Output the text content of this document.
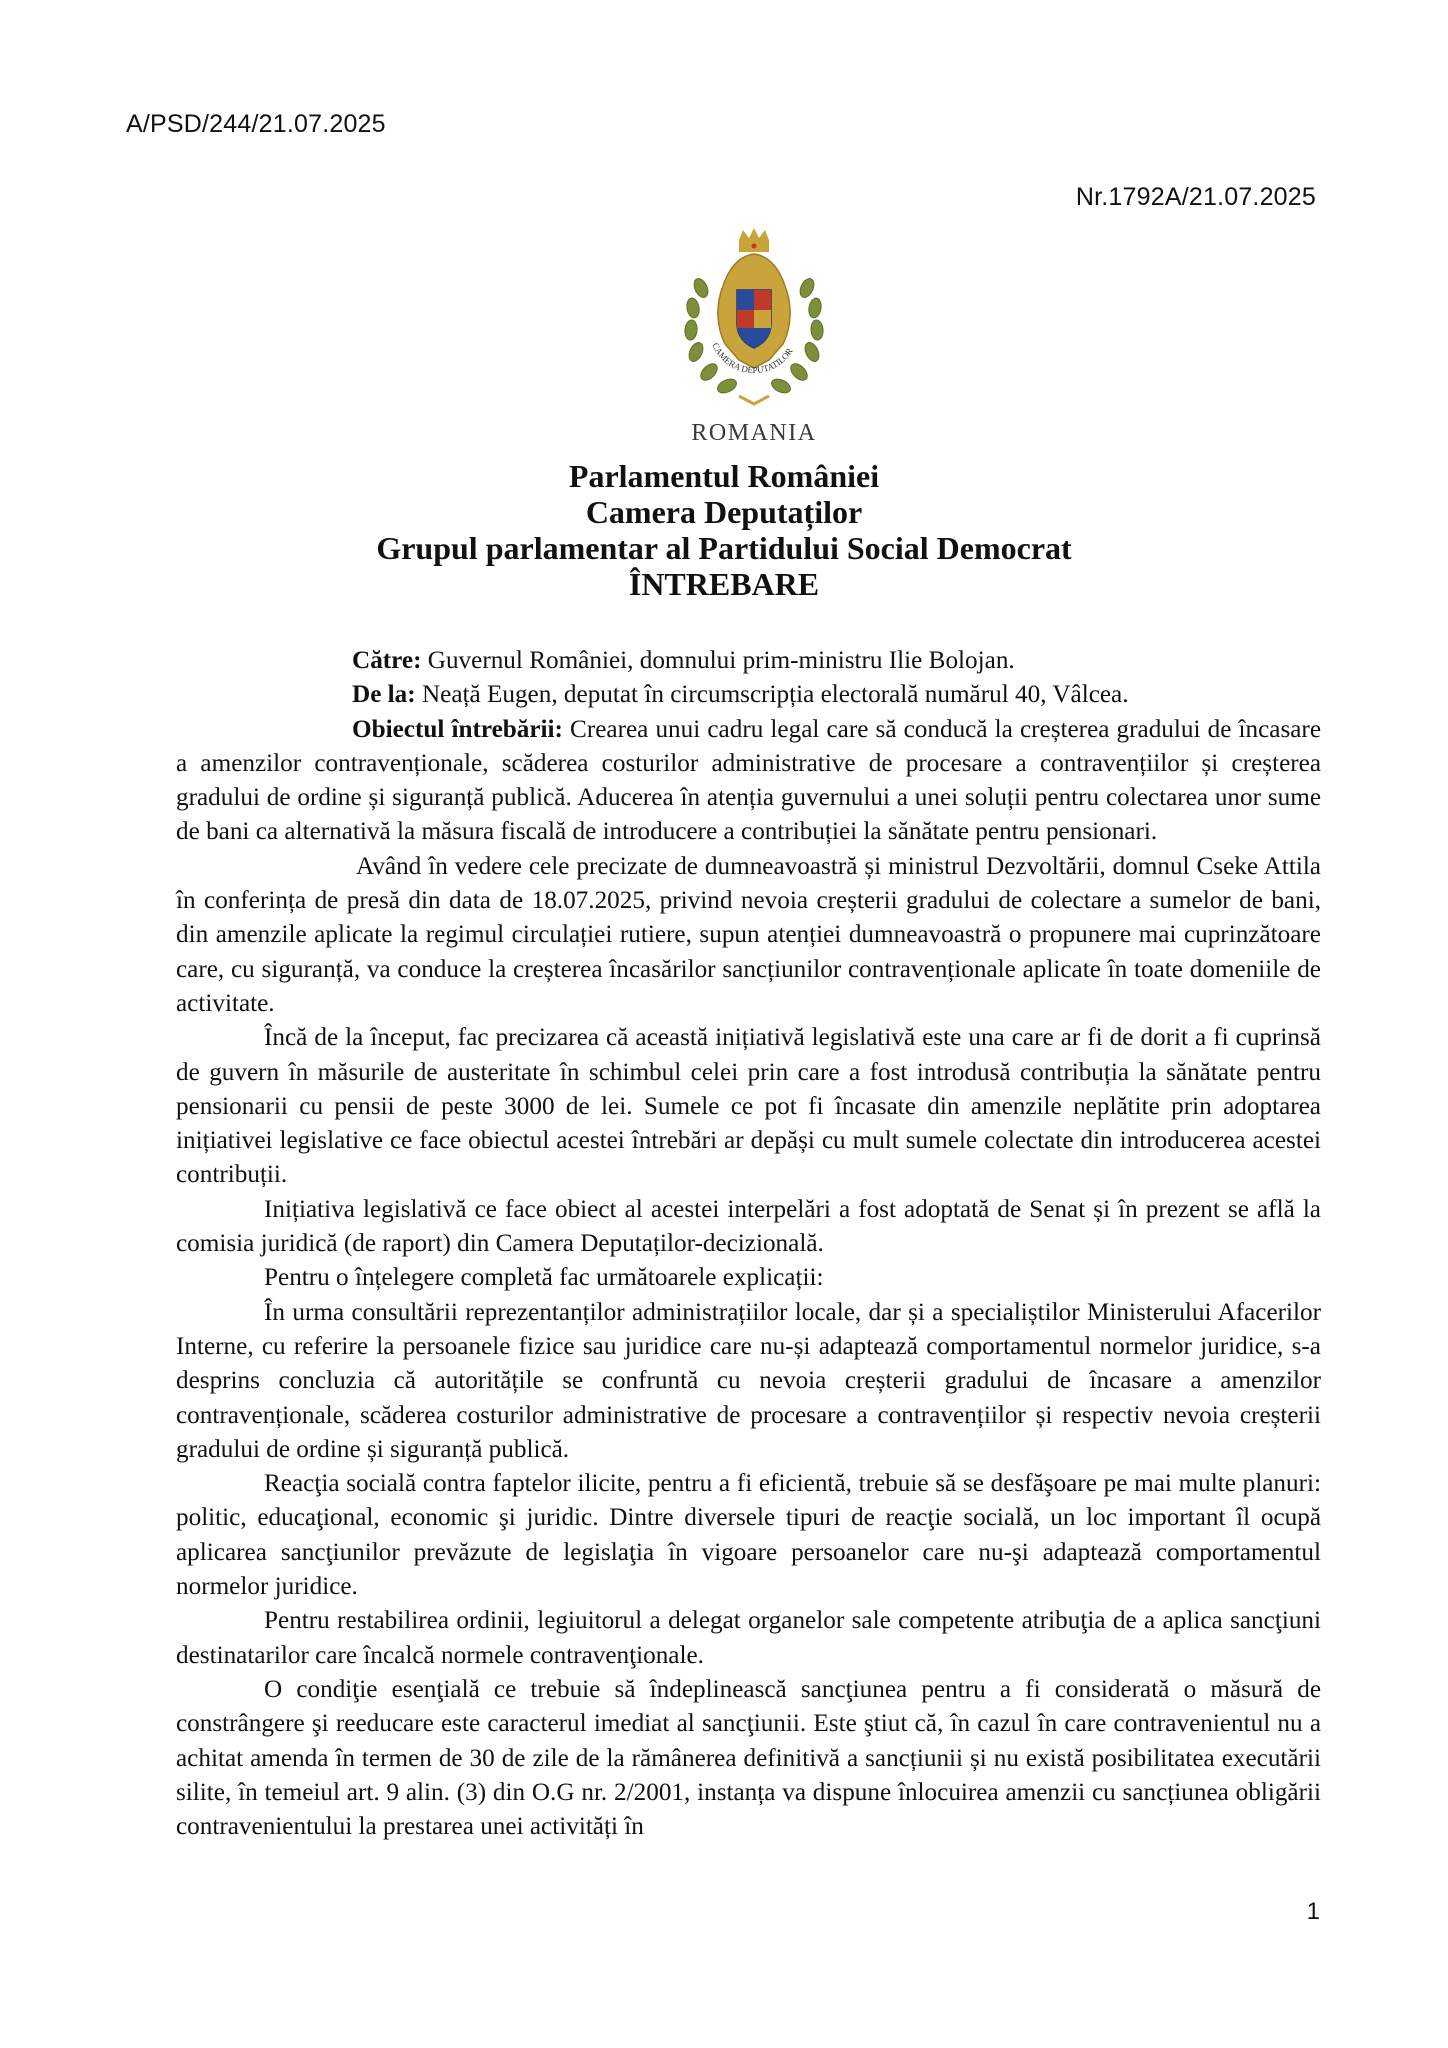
A/PSD/244/21.07.2025
Nr.1792A/21.07.2025
CAMERA DEPUTATILOR
ROMANIA
Parlamentul României
Camera Deputaților
Grupul parlamentar al Partidului Social Democrat
ÎNTREBARE

Către: Guvernul României, domnului prim-ministru Ilie Bolojan.

De la: Neață Eugen, deputat în circumscripția electorală numărul 40, Vâlcea.

Obiectul întrebării: Crearea unui cadru legal care să conducă la creșterea gradului de încasare a amenzilor contravenționale, scăderea costurilor administrative de procesare a contravențiilor și creșterea gradului de ordine și siguranță publică. Aducerea în atenția guvernului a unei soluții pentru colectarea unor sume de bani ca alternativă la măsura fiscală de introducere a contribuției la sănătate pentru pensionari.

Având în vedere cele precizate de dumneavoastră și ministrul Dezvoltării, domnul Cseke Attila în conferința de presă din data de 18.07.2025, privind nevoia creșterii gradului de colectare a sumelor de bani, din amenzile aplicate la regimul circulației rutiere, supun atenției dumneavoastră o propunere mai cuprinzătoare care, cu siguranță, va conduce la creșterea încasărilor sancțiunilor contravenționale aplicate în toate domeniile de activitate.

Încă de la început, fac precizarea că această inițiativă legislativă este una care ar fi de dorit a fi cuprinsă de guvern în măsurile de austeritate în schimbul celei prin care a fost introdusă contribuția la sănătate pentru pensionarii cu pensii de peste 3000 de lei. Sumele ce pot fi încasate din amenzile neplătite prin adoptarea inițiativei legislative ce face obiectul acestei întrebări ar depăși cu mult sumele colectate din introducerea acestei contribuții.

Inițiativa legislativă ce face obiect al acestei interpelări a fost adoptată de Senat și în prezent se află la comisia juridică (de raport) din Camera Deputaților-decizională.

Pentru o înțelegere completă fac următoarele explicații:

În urma consultării reprezentanților administrațiilor locale, dar și a specialiștilor Ministerului Afacerilor Interne, cu referire la persoanele fizice sau juridice care nu-și adaptează comportamentul normelor juridice, s-a desprins concluzia că autoritățile se confruntă cu nevoia creșterii gradului de încasare a amenzilor contravenționale, scăderea costurilor administrative de procesare a contravențiilor și respectiv nevoia creșterii gradului de ordine și siguranță publică.

Reacţia socială contra faptelor ilicite, pentru a fi eficientă, trebuie să se desfăşoare pe mai multe planuri: politic, educaţional, economic şi juridic. Dintre diversele tipuri de reacţie socială, un loc important îl ocupă aplicarea sancţiunilor prevăzute de legislaţia în vigoare persoanelor care nu-şi adaptează comportamentul normelor juridice.

Pentru restabilirea ordinii, legiuitorul a delegat organelor sale competente atribuţia de a aplica sancţiuni destinatarilor care încalcă normele contravenţionale.

O condiţie esenţială ce trebuie să îndeplinească sancţiunea pentru a fi considerată o măsură de constrângere şi reeducare este caracterul imediat al sancţiunii. Este ştiut că, în cazul în care contravenientul nu a achitat amenda în termen de 30 de zile de la rămânerea definitivă a sancțiunii și nu există posibilitatea executării silite, în temeiul art. 9 alin. (3) din O.G nr. 2/2001, instanța va dispune înlocuirea amenzii cu sancțiunea obligării contravenientului la prestarea unei activități în

1
